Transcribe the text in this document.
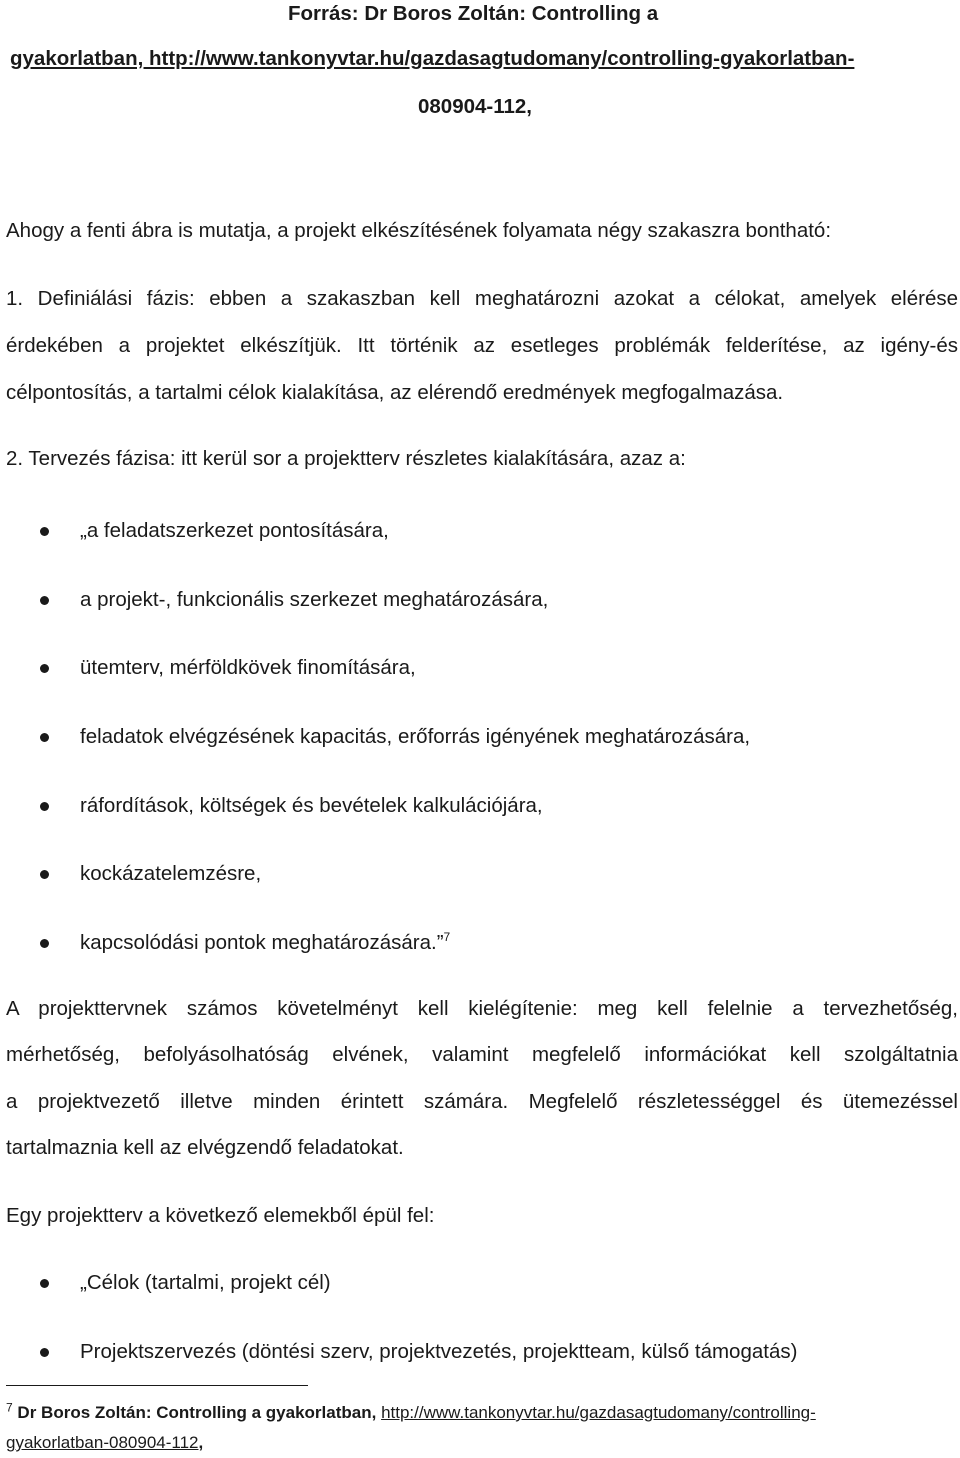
Forrás: Dr Boros Zoltán: Controlling a
gyakorlatban, http://www.tankonyvtar.hu/gazdasagtudomany/controlling-gyakorlatban-
080904-112,
Ahogy a fenti ábra is mutatja, a projekt elkészítésének folyamata négy szakaszra bontható:
1. Definiálási fázis: ebben a szakaszban kell meghatározni azokat a célokat, amelyek elérése
érdekében a projektet elkészítjük. Itt történik az esetleges problémák felderítése, az igény-és
célpontosítás, a tartalmi célok kialakítása, az elérendő eredmények megfogalmazása.
2. Tervezés fázisa: itt kerül sor a projektterv részletes kialakítására, azaz a:
„a feladatszerkezet pontosítására,
a projekt-, funkcionális szerkezet meghatározására,
ütemterv, mérföldkövek finomítására,
feladatok elvégzésének kapacitás, erőforrás igényének meghatározására,
ráfordítások, költségek és bevételek kalkulációjára,
kockázatelemzésre,
kapcsolódási pontok meghatározására.”$^7$
A projekttervnek számos követelményt kell kielégítenie: meg kell felelnie a tervezhetőség,
mérhetőség, befolyásolhatóság elvének, valamint megfelelő információkat kell szolgáltatnia
a projektvezető illetve minden érintett számára. Megfelelő részletességgel és ütemezéssel
tartalmaznia kell az elvégzendő feladatokat.
Egy projektterv a következő elemekből épül fel:
„Célok (tartalmi, projekt cél)
Projektszervezés (döntési szerv, projektvezetés, projektteam, külső támogatás)
$^7$ Dr Boros Zoltán: Controlling a gyakorlatban, http://www.tankonyvtar.hu/gazdasagtudomany/controlling-
gyakorlatban-080904-112,
